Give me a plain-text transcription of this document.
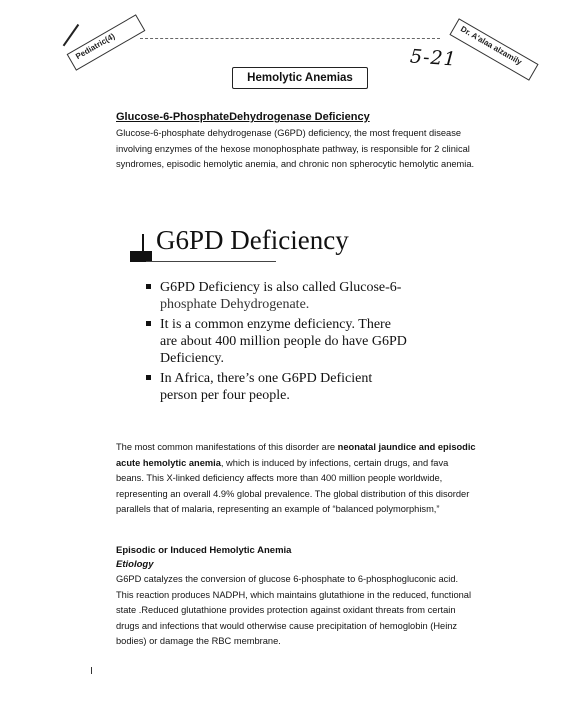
Pediatric(4)	Dr. A'alaa alzamily
5-21
Hemolytic Anemias
Glucose-6-PhosphateDehydrogenase Deficiency
Glucose-6-phosphate dehydrogenase (G6PD) deficiency, the most frequent disease involving enzymes of the hexose monophosphate pathway, is responsible for 2 clinical syndromes, episodic hemolytic anemia, and chronic non spherocytic hemolytic anemia.
G6PD Deficiency
G6PD Deficiency is also called Glucose-6-
phosphate Dehydrogenate.
It is a common enzyme deficiency. There
are about 400 million people do have G6PD
Deficiency.
In Africa, there’s one G6PD Deficient
person per four people.
The most common manifestations of this disorder are neonatal jaundice and episodic acute hemolytic anemia, which is induced by infections, certain drugs, and fava beans. This X-linked deficiency affects more than 400 million people worldwide, representing an overall 4.9% global prevalence. The global distribution of this disorder parallels that of malaria, representing an example of “balanced polymorphism,”
Episodic or Induced Hemolytic Anemia
Etiology
G6PD catalyzes the conversion of glucose 6-phosphate to 6-phosphogluconic acid. This reaction produces NADPH, which maintains glutathione in the reduced, functional state .Reduced glutathione provides protection against oxidant threats from certain drugs and infections that would otherwise cause precipitation of hemoglobin (Heinz bodies) or damage the RBC membrane.
